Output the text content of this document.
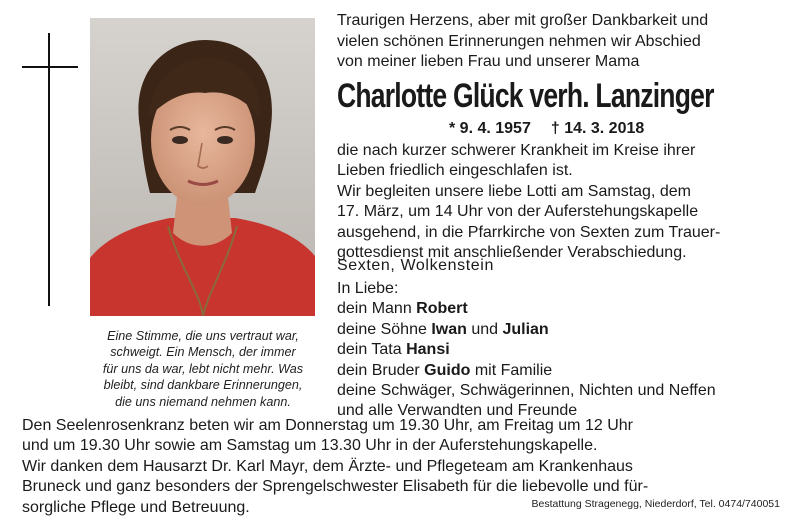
Eine Stimme, die uns vertraut war,
schweigt. Ein Mensch, der immer
für uns da war, lebt nicht mehr. Was
bleibt, sind dankbare Erinnerungen,
die uns niemand nehmen kann.
Traurigen Herzens, aber mit großer Dankbarkeit und
vielen schönen Erinnerungen nehmen wir Abschied
von meiner lieben Frau und unserer Mama
Charlotte Glück verh. Lanzinger
* 9. 4. 1957 † 14. 3. 2018
die nach kurzer schwerer Krankheit im Kreise ihrer
Lieben friedlich eingeschlafen ist.
Wir begleiten unsere liebe Lotti am Samstag, dem
17. März, um 14 Uhr von der Auferstehungskapelle
ausgehend, in die Pfarrkirche von Sexten zum Trauer-
gottesdienst mit anschließender Verabschiedung.
Sexten, Wolkenstein
In Liebe:
dein Mann Robert
deine Söhne Iwan und Julian
dein Tata Hansi
dein Bruder Guido mit Familie
deine Schwäger, Schwägerinnen, Nichten und Neffen
und alle Verwandten und Freunde
Den Seelenrosenkranz beten wir am Donnerstag um 19.30 Uhr, am Freitag um 12 Uhr
und um 19.30 Uhr sowie am Samstag um 13.30 Uhr in der Auferstehungskapelle.
Wir danken dem Hausarzt Dr. Karl Mayr, dem Ärzte- und Pflegeteam am Krankenhaus
Bruneck und ganz besonders der Sprengelschwester Elisabeth für die liebevolle und für-
sorgliche Pflege und Betreuung.	Bestattung Stragenegg, Niederdorf, Tel. 0474/740051
